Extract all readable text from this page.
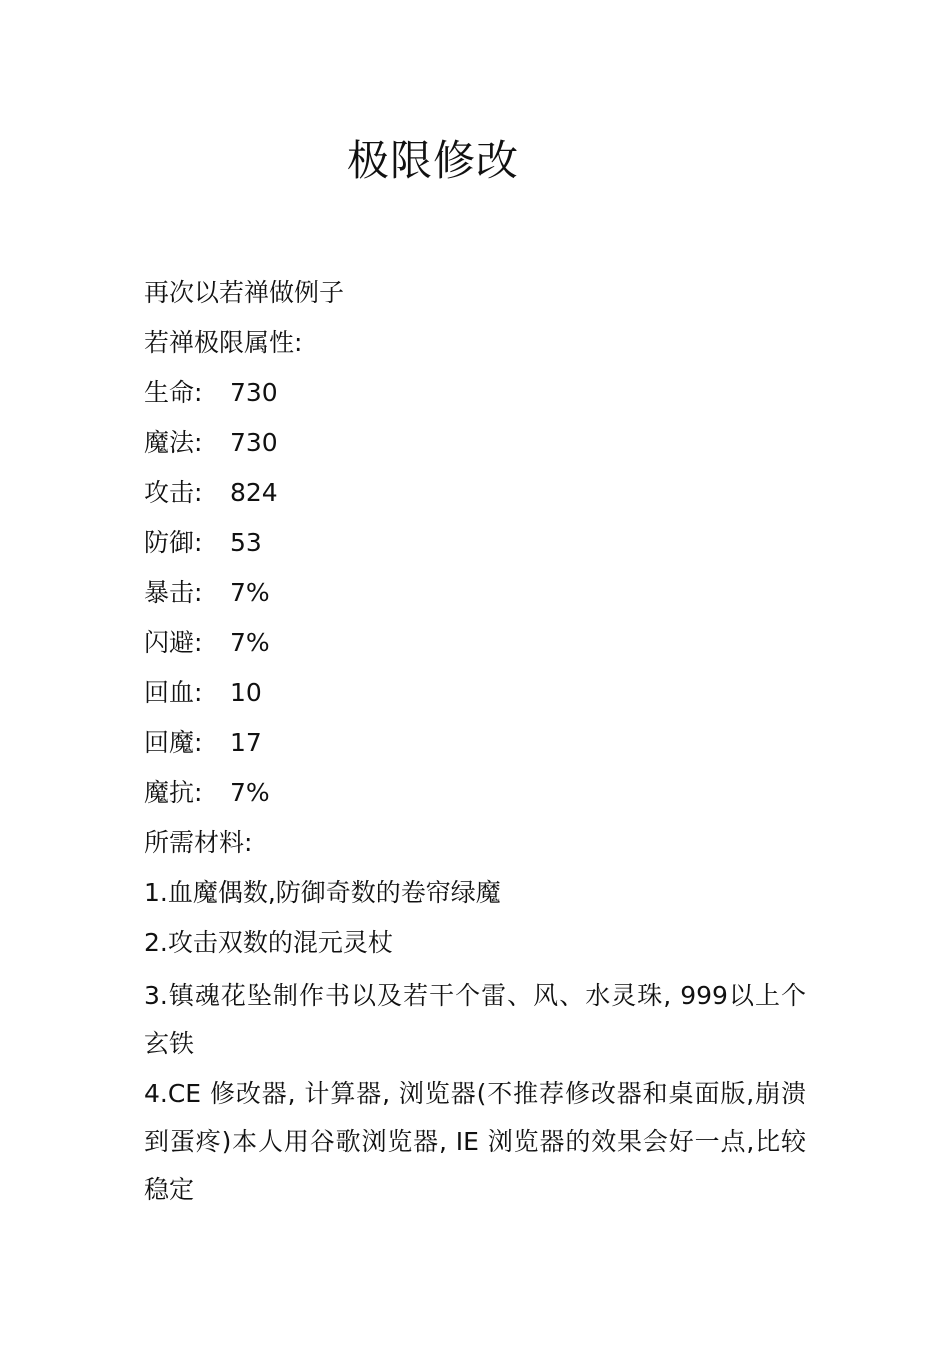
极限修改
再次以若禅做例子
若禅极限属性:
生命: 730
魔法: 730
攻击: 824
防御: 53
暴击: 7%
闪避: 7%
回血: 10
回魔: 17
魔抗: 7%
所需材料:
1.血魔偶数,防御奇数的卷帘绿魔
2.攻击双数的混元灵杖
3.镇魂花坠制作书以及若干个雷、风、水灵珠, 999以上个玄铁
4.CE 修改器, 计算器, 浏览器(不推荐修改器和桌面版,崩溃到蛋疼)本人用谷歌浏览器, IE 浏览器的效果会好一点,比较稳定
